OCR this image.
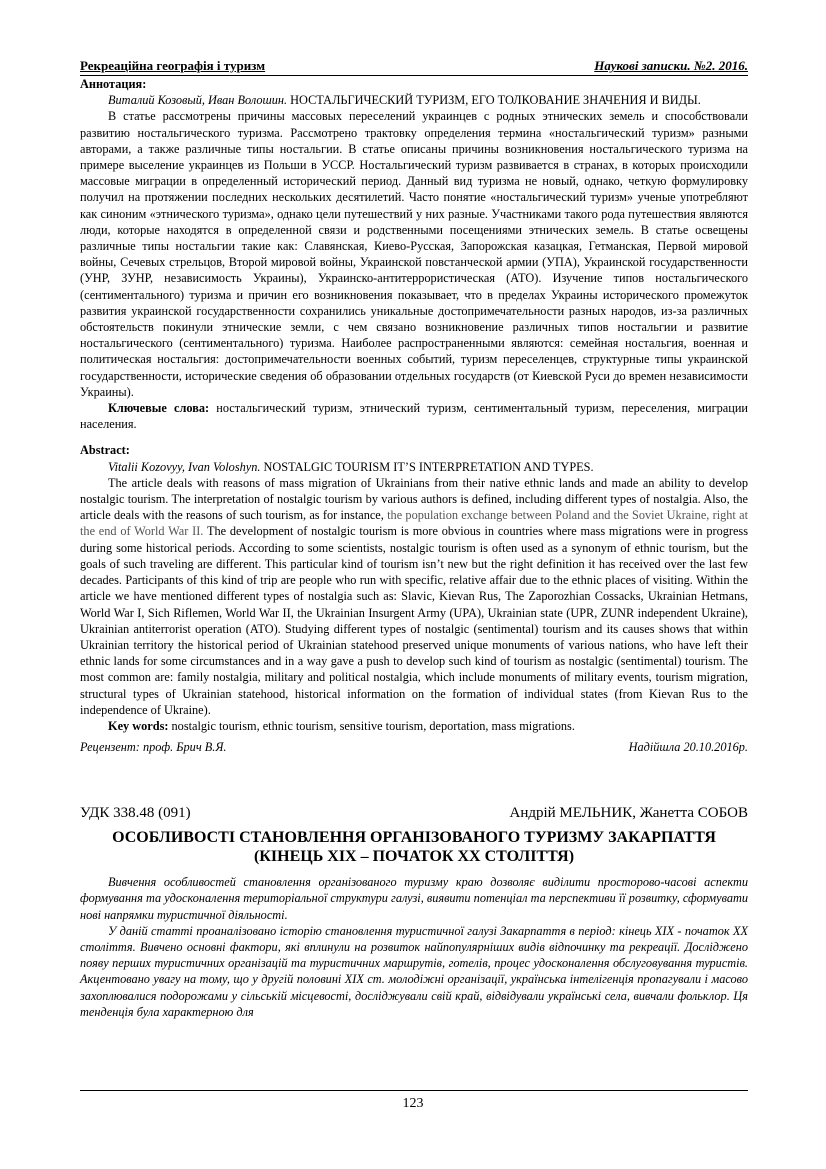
Рекреаційна географія і туризм	Наукові записки. №2. 2016.

Аннотация:

Виталий Козовый, Иван Волошин. НОСТАЛЬГИЧЕСКИЙ ТУРИЗМ, ЕГО ТОЛКОВАНИЕ ЗНАЧЕНИЯ И ВИДЫ.

В статье рассмотрены причины массовых переселений украинцев с родных этнических земель и способствовали развитию ностальгического туризма. Рассмотрено трактовку определения термина «ностальгический туризм» разными авторами, а также различные типы ностальгии. В статье описаны причины возникновения ностальгического туризма на примере выселение украинцев из Польши в УССР. Ностальгический туризм развивается в странах, в которых происходили массовые миграции в определенный исторический период. Данный вид туризма не новый, однако, четкую формулировку получил на протяжении последних нескольких десятилетий. Часто понятие «ностальгический туризм» ученые употребляют как синоним «этнического туризма», однако цели путешествий у них разные. Участниками такого рода путешествия являются люди, которые находятся в определенной связи и родственными посещениями этнических земель. В статье освещены различные типы ностальгии такие как: Славянская, Киево-Русская, Запорожская казацкая, Гетманская, Первой мировой войны, Сечевых стрельцов, Второй мировой войны, Украинской повстанческой армии (УПА), Украинской государственности (УНР, ЗУНР, независимость Украины), Украинско-антитеррористическая (АТО). Изучение типов ностальгического (сентиментального) туризма и причин его возникновения показывает, что в пределах Украины исторического промежуток развития украинской государственности сохранились уникальные достопримечательности разных народов, из-за различных обстоятельств покинули этнические земли, с чем связано возникновение различных типов ностальгии и развитие ностальгического (сентиментального) туризма. Наиболее распространенными являются: семейная ностальгия, военная и политическая ностальгия: достопримечательности военных событий, туризм переселенцев, структурные типы украинской государственности, исторические сведения об образовании отдельных государств (от Киевской Руси до времен независимости Украины).

Ключевые слова: ностальгический туризм, этнический туризм, сентиментальный туризм, переселения, миграции населения.

Abstract:

Vitalii Kozovyy, Ivan Voloshyn. NOSTALGIC TOURISM IT’S INTERPRETATION AND TYPES.

The article deals with reasons of mass migration of Ukrainians from their native ethnic lands and made an ability to develop nostalgic tourism. The interpretation of nostalgic tourism by various authors is defined, including different types of nostalgia. Also, the article deals with the reasons of such tourism, as for instance, the population exchange between Poland and the Soviet Ukraine, right at the end of World War II. The development of nostalgic tourism is more obvious in countries where mass migrations were in progress during some historical periods. According to some scientists, nostalgic tourism is often used as a synonym of ethnic tourism, but the goals of such traveling are different. This particular kind of tourism isn’t new but the right definition it has received over the last few decades. Participants of this kind of trip are people who run with specific, relative affair due to the ethnic places of visiting. Within the article we have mentioned different types of nostalgia such as: Slavic, Kievan Rus, The Zaporozhian Cossacks, Ukrainian Hetmans, World War I, Sich Riflemen, World War II, the Ukrainian Insurgent Army (UPA), Ukrainian state (UPR, ZUNR independent Ukraine), Ukrainian antiterrorist operation (ATO). Studying different types of nostalgic (sentimental) tourism and its causes shows that within Ukrainian territory the historical period of Ukrainian statehood preserved unique monuments of various nations, who have left their ethnic lands for some circumstances and in a way gave a push to develop such kind of tourism as nostalgic (sentimental) tourism. The most common are: family nostalgia, military and political nostalgia, which include monuments of military events, tourism migration, structural types of Ukrainian statehood, historical information on the formation of individual states (from Kievan Rus to the independence of Ukraine).

Key words: nostalgic tourism, ethnic tourism, sensitive tourism, deportation, mass migrations.

Рецензент: проф. Брич В.Я.	Надійшла 20.10.2016р.
УДК 338.48 (091)	Андрій МЕЛЬНИК, Жанетта СОБОВ
ОСОБЛИВОСТІ СТАНОВЛЕННЯ ОРГАНІЗОВАНОГО ТУРИЗМУ ЗАКАРПАТТЯ
(КІНЕЦЬ XIX – ПОЧАТОК XX СТОЛІТТЯ)

Вивчення особливостей становлення організованого туризму краю дозволяє виділити просторово-часові аспекти формування та удосконалення територіальної структури галузі, виявити потенціал та перспективи її розвитку, сформувати нові напрямки туристичної діяльності.

У даній статті проаналізовано історію становлення туристичної галузі Закарпаття в період: кінець XIX - початок XX століття. Вивчено основні фактори, які вплинули на розвиток найпопулярніших видів відпочинку та рекреації. Досліджено появу перших туристичних організацій та туристичних маршрутів, готелів, процес удосконалення обслуговування туристів. Акцентовано увагу на тому, що у другій половині XIX ст. молодіжні організації, українська інтелігенція пропагували і масово захоплювалися подорожами у сільській місцевості, досліджували свій край, відвідували українські села, вивчали фольклор. Ця тенденція була характерною для

123
